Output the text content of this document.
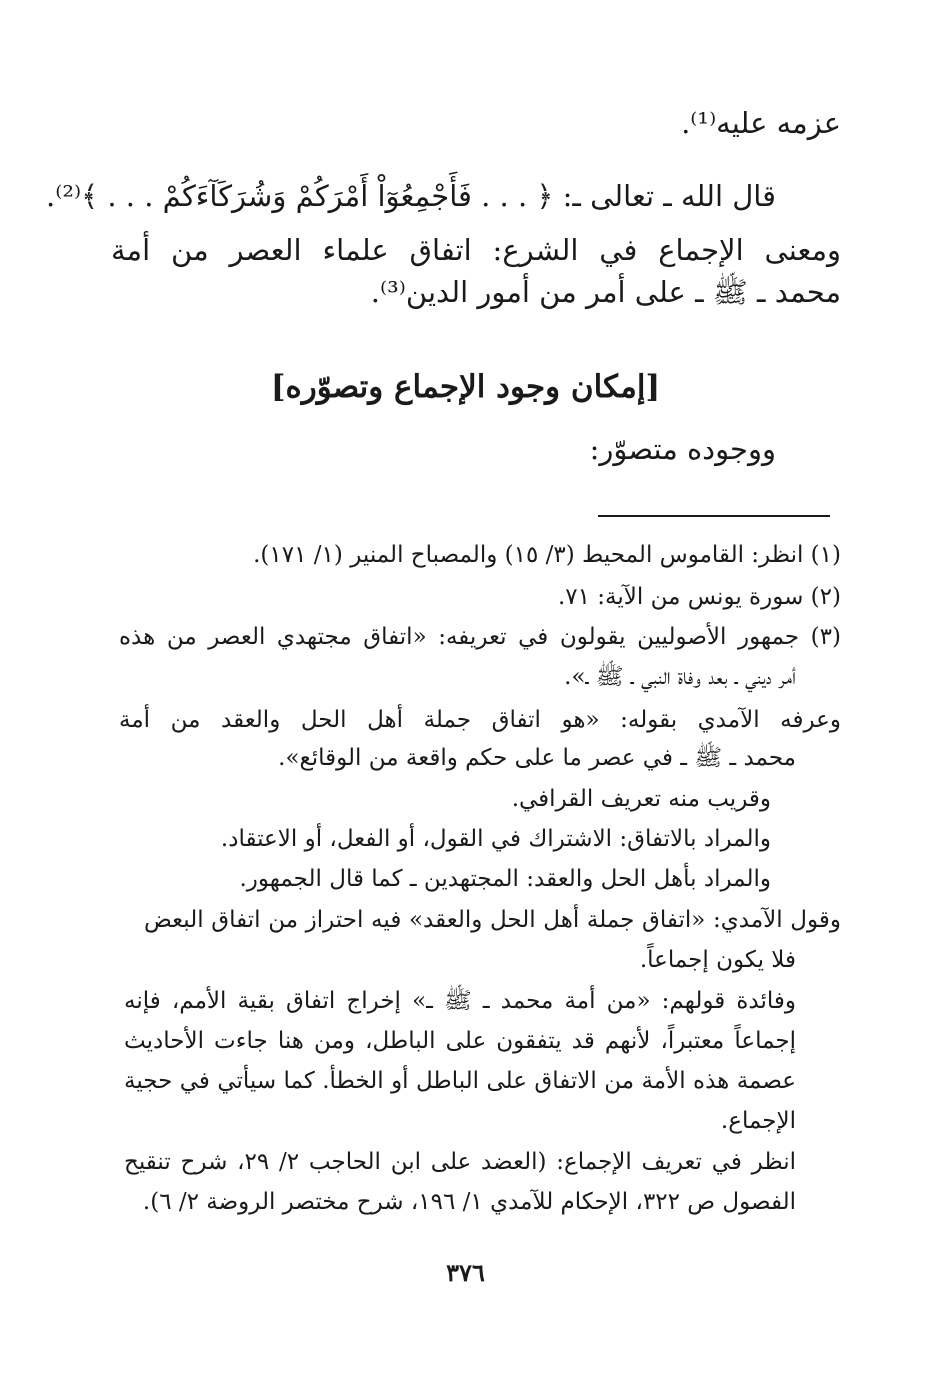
عزمه عليه⁽¹⁾.
قال الله ـ تعالى ـ: ﴿ . . . فَأَجْمِعُوٓاْ أَمْرَكُمْ وَشُرَكَآءَكُمْ . . . ﴾⁽²⁾.
ومعنى الإجماع في الشرع: اتفاق علماء العصر من أمة
محمد ـ ﷺ ـ على أمر من أمور الدين⁽³⁾.
[إمكان وجود الإجماع وتصوّره]
ووجوده متصوّر:
(١) انظر: القاموس المحيط (٣/ ١٥) والمصباح المنير (١/ ١٧١).
(٢) سورة يونس من الآية: ٧١.
(٣) جمهور الأصوليين يقولون في تعريفه: «اتفاق مجتهدي العصر من هذه
أمر ديني ـ بعد وفاة النبي ـ ﷺ ـ».
وعرفه الآمدي بقوله: «هو اتفاق جملة أهل الحل والعقد من أمة
محمد ـ ﷺ ـ في عصر ما على حكم واقعة من الوقائع».
وقريب منه تعريف القرافي.
والمراد بالاتفاق: الاشتراك في القول، أو الفعل، أو الاعتقاد.
والمراد بأهل الحل والعقد: المجتهدين ـ كما قال الجمهور.
وقول الآمدي: «اتفاق جملة أهل الحل والعقد» فيه احتراز من اتفاق البعض
فلا يكون إجماعاً.
وفائدة قولهم: «من أمة محمد ـ ﷺ ـ» إخراج اتفاق بقية الأمم، فإنه
إجماعاً معتبراً، لأنهم قد يتفقون على الباطل، ومن هنا جاءت الأحاديث
عصمة هذه الأمة من الاتفاق على الباطل أو الخطأ. كما سيأتي في حجية
الإجماع.
انظر في تعريف الإجماع: (العضد على ابن الحاجب ٢/ ٢٩، شرح تنقيح
الفصول ص ٣٢٢، الإحكام للآمدي ١/ ١٩٦، شرح مختصر الروضة ٢/ ٦).
٣٧٦
